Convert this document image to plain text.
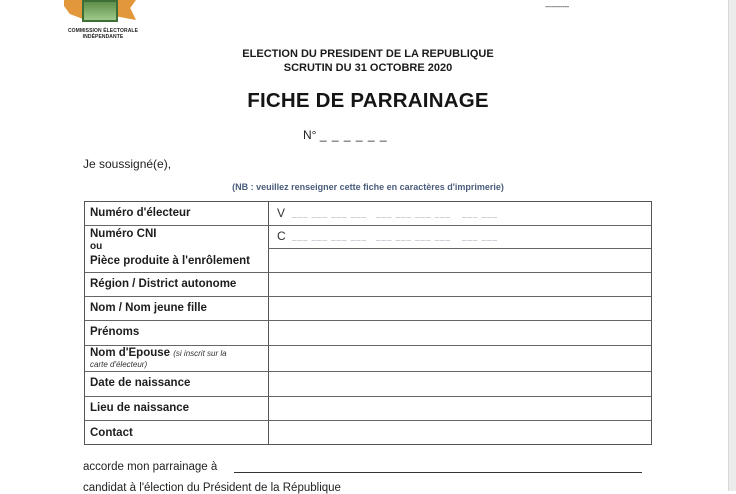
COMMISSION ÉLECTORALE
INDÉPENDANTE
-----------
ELECTION DU PRESIDENT DE LA REPUBLIQUE
SCRUTIN DU 31 OCTOBRE 2020
FICHE DE PARRAINAGE
N° _ _ _ _ _ _
Je soussigné(e),
(NB : veuillez renseigner cette fiche en caractères d'imprimerie)
Numéro d'électeur	V ___ ___ ___ ___ ___ ___ ___ ___ ___ ___
Numéro CNI
ou
Pièce produite à l'enrôlement
C ___ ___ ___ ___ ___ ___ ___ ___ ___ ___
Région / District autonome
Nom / Nom jeune fille
Prénoms
Nom d'Epouse (si inscrit sur la
carte d'électeur)
Date de naissance
Lieu de naissance
Contact
accorde mon parrainage à
candidat à l'élection du Président de la République
